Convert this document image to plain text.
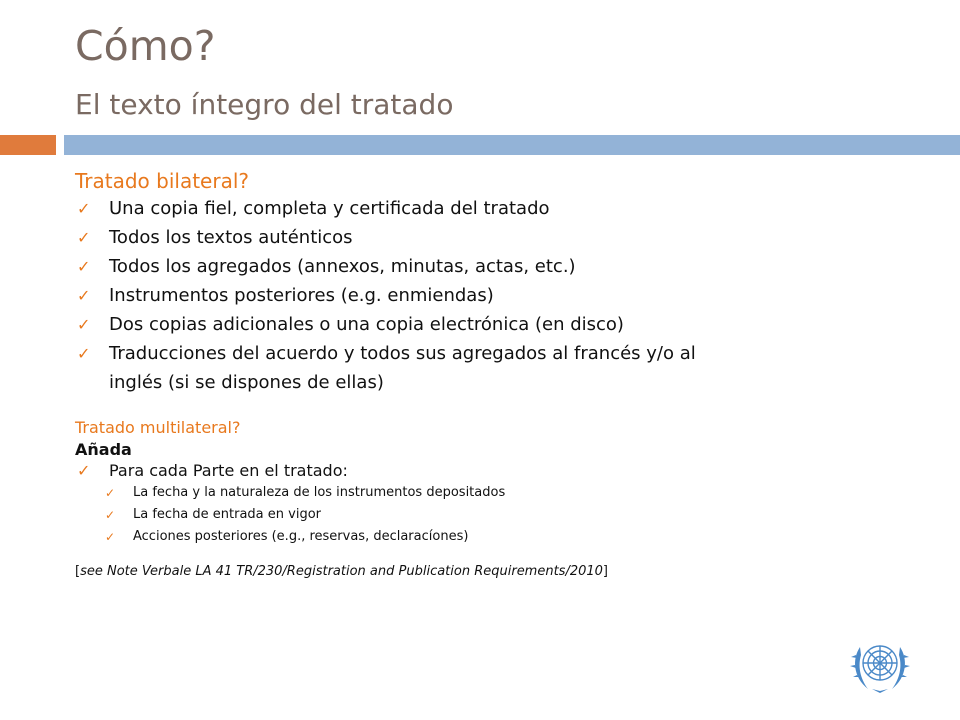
Cómo?
El texto íntegro del tratado
Tratado bilateral?
✓ Una copia fiel, completa y certificada del tratado
✓ Todos los textos auténticos
✓ Todos los agregados (annexos, minutas, actas, etc.)
✓ Instrumentos posteriores (e.g. enmiendas)
✓ Dos copias adicionales o una copia electrónica (en disco)
✓ Traducciones del acuerdo y todos sus agregados al francés y/o al
inglés (si se dispones de ellas)
Tratado multilateral?
Añada
✓ Para cada Parte en el tratado:
✓ La fecha y la naturaleza de los instrumentos depositados
✓ La fecha de entrada en vigor
✓ Acciones posteriores (e.g., reservas, declaracíones)
[see Note Verbale LA 41 TR/230/Registration and Publication Requirements/2010]
